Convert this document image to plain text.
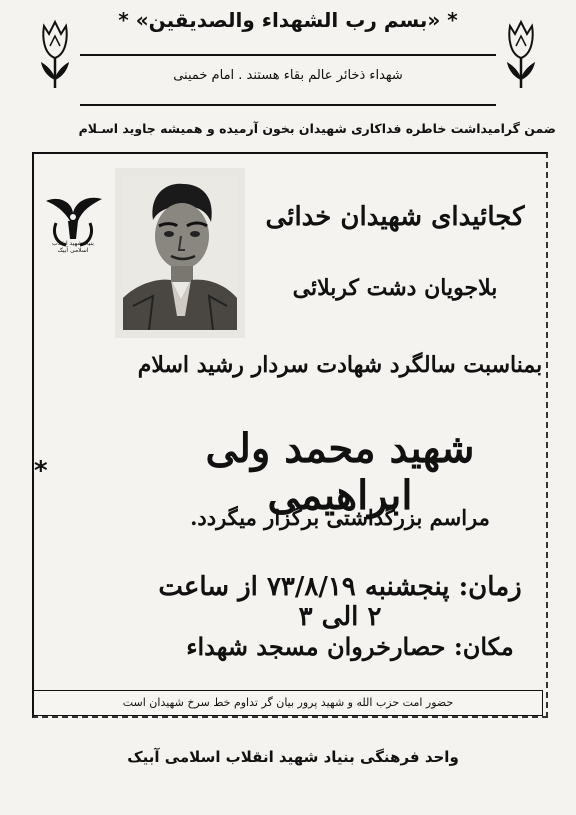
* «بسم رب الشهداء والصدیقین» *
شهداء ذخائر عالم بقاء هستند . امام خمینی
ضمن گرامیداشت خاطره فداکاری شهیدان بخون آرمیده و همیشه جاوید اسـلام
بنیاد شهید انقلاب اسلامی آبیک
کجائیدای شهیدان خدائی
بلاجویان دشت کربلائی
بمناسبت سالگرد شهادت سردار رشید اسلام
شهید محمد ولی ابراهیمی
مراسم بزرگداشتی برگزار میگردد.
زمان: پنجشنبه ۷۳/۸/۱۹ از ساعت ۲ الی ۳
مکان: حصارخروان مسجد شهداء
*
حضور امت حزب الله و شهید پرور بیان گر تداوم خط سرخ شهیدان است
واحد فرهنگی بنیاد شهید انقلاب اسلامی آبیک
